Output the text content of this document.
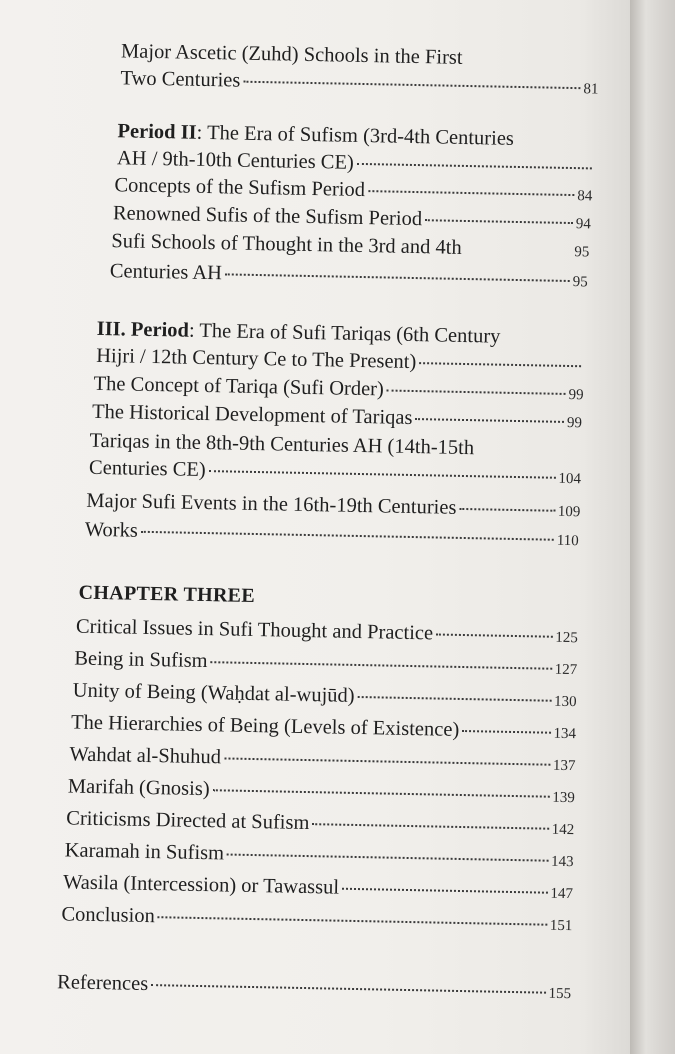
Major Ascetic (Zuhd) Schools in the First
Two Centuries	81
Period II: The Era of Sufism (3rd-4th Centuries
AH / 9th-10th Centuries CE)
Concepts of the Sufism Period	84
Renowned Sufis of the Sufism Period	94
Sufi Schools of Thought in the 3rd and 4th	95
Centuries AH	95
III. Period: The Era of Sufi Tariqas (6th Century
Hijri / 12th Century Ce to The Present)
The Concept of Tariqa (Sufi Order)	99
The Historical Development of Tariqas	99
Tariqas in the 8th-9th Centuries AH (14th-15th
Centuries CE)	104
Major Sufi Events in the 16th-19th Centuries	109
Works	110
CHAPTER THREE
Critical Issues in Sufi Thought and Practice	125
Being in Sufism	127
Unity of Being (Waḥdat al-wujūd)	130
The Hierarchies of Being (Levels of Existence)	134
Wahdat al-Shuhud	137
Marifah (Gnosis)	139
Criticisms Directed at Sufism	142
Karamah in Sufism	143
Wasila (Intercession) or Tawassul	147
Conclusion	151
References	155
